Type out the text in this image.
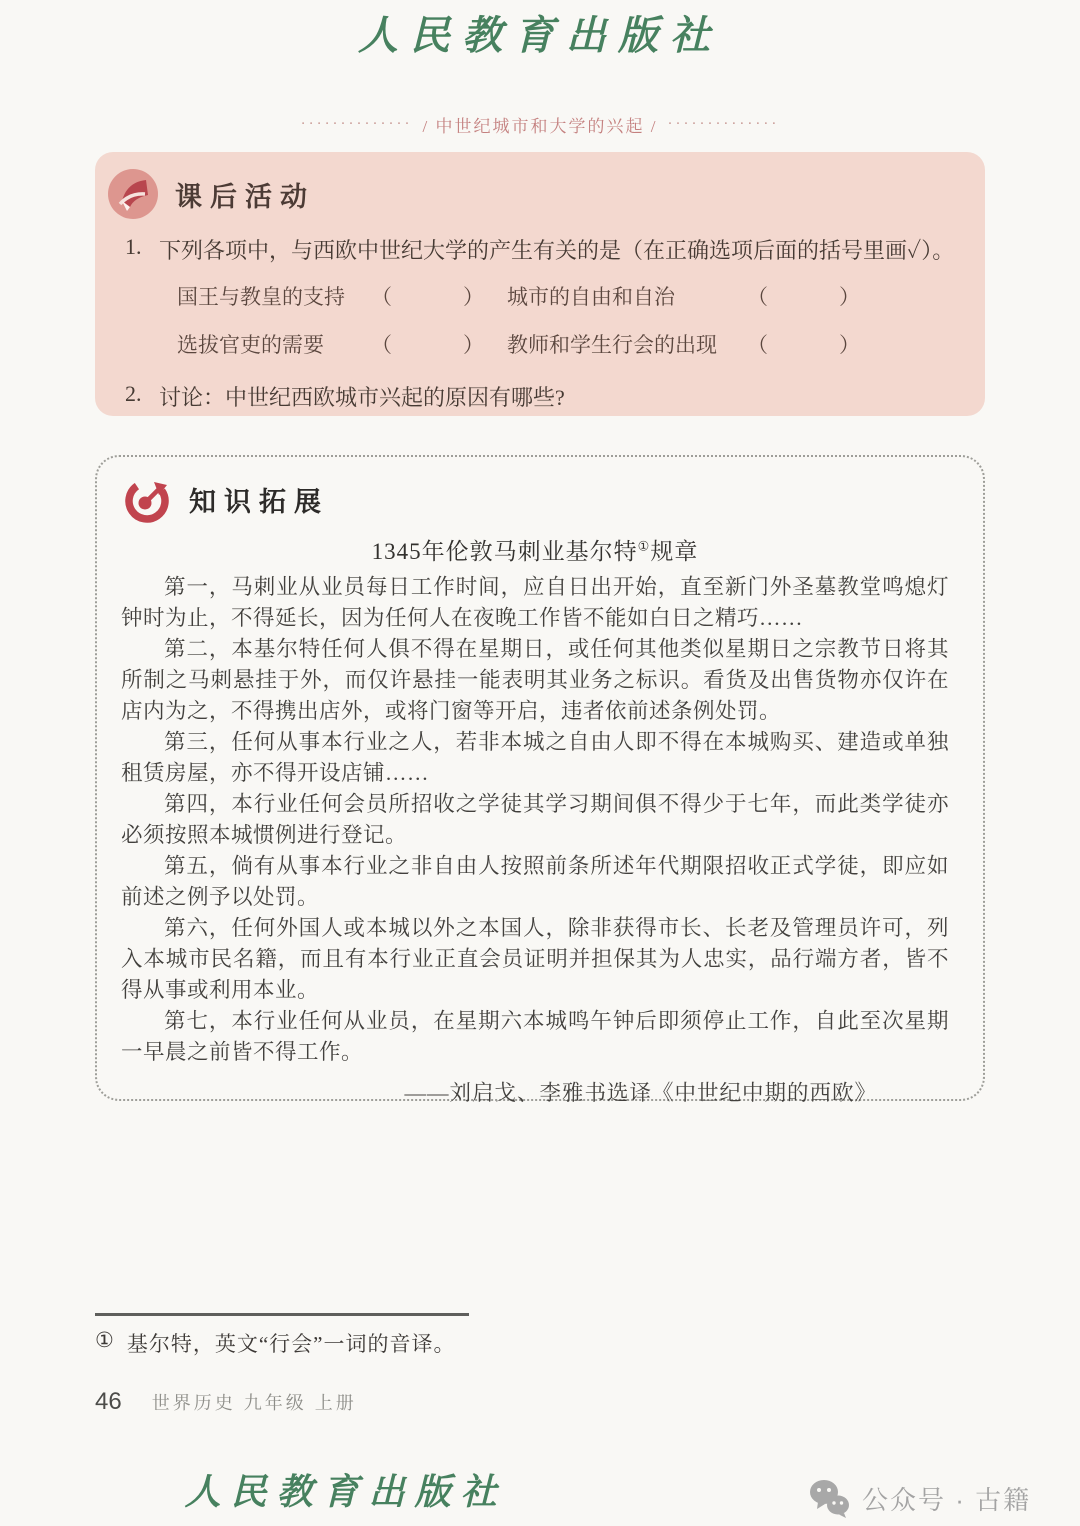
人民教育出版社
·············· / 中世纪城市和大学的兴起 / ··············
课后活动
1. 下列各项中，与西欧中世纪大学的产生有关的是（在正确选项后面的括号里画✓）。
国王与教皇的支持	（　　　） 城市的自由和自治	（　　　）
选拔官吏的需要	（　　　） 教师和学生行会的出现	（　　　）
2. 讨论：中世纪西欧城市兴起的原因有哪些?
知识拓展
1345年伦敦马刺业基尔特①规章

第一，马刺业从业员每日工作时间，应自日出开始，直至新门外圣墓教堂鸣熄灯钟时为止，不得延长，因为任何人在夜晚工作皆不能如白日之精巧……

第二，本基尔特任何人俱不得在星期日，或任何其他类似星期日之宗教节日将其所制之马刺悬挂于外，而仅许悬挂一能表明其业务之标识。看货及出售货物亦仅许在店内为之，不得携出店外，或将门窗等开启，违者依前述条例处罚。

第三，任何从事本行业之人，若非本城之自由人即不得在本城购买、建造或单独租赁房屋，亦不得开设店铺……

第四，本行业任何会员所招收之学徒其学习期间俱不得少于七年，而此类学徒亦必须按照本城惯例进行登记。

第五，倘有从事本行业之非自由人按照前条所述年代期限招收正式学徒，即应如前述之例予以处罚。

第六，任何外国人或本城以外之本国人，除非获得市长、长老及管理员许可，列入本城市民名籍，而且有本行业正直会员证明并担保其为人忠实，品行端方者，皆不得从事或利用本业。

第七，本行业任何从业员，在星期六本城鸣午钟后即须停止工作，自此至次星期一早晨之前皆不得工作。

——刘启戈、李雅书选译《中世纪中期的西欧》
① 基尔特，英文“行会”一词的音译。
46 世界历史 九年级 上册
人民教育出版社	公众号 · 古籍
